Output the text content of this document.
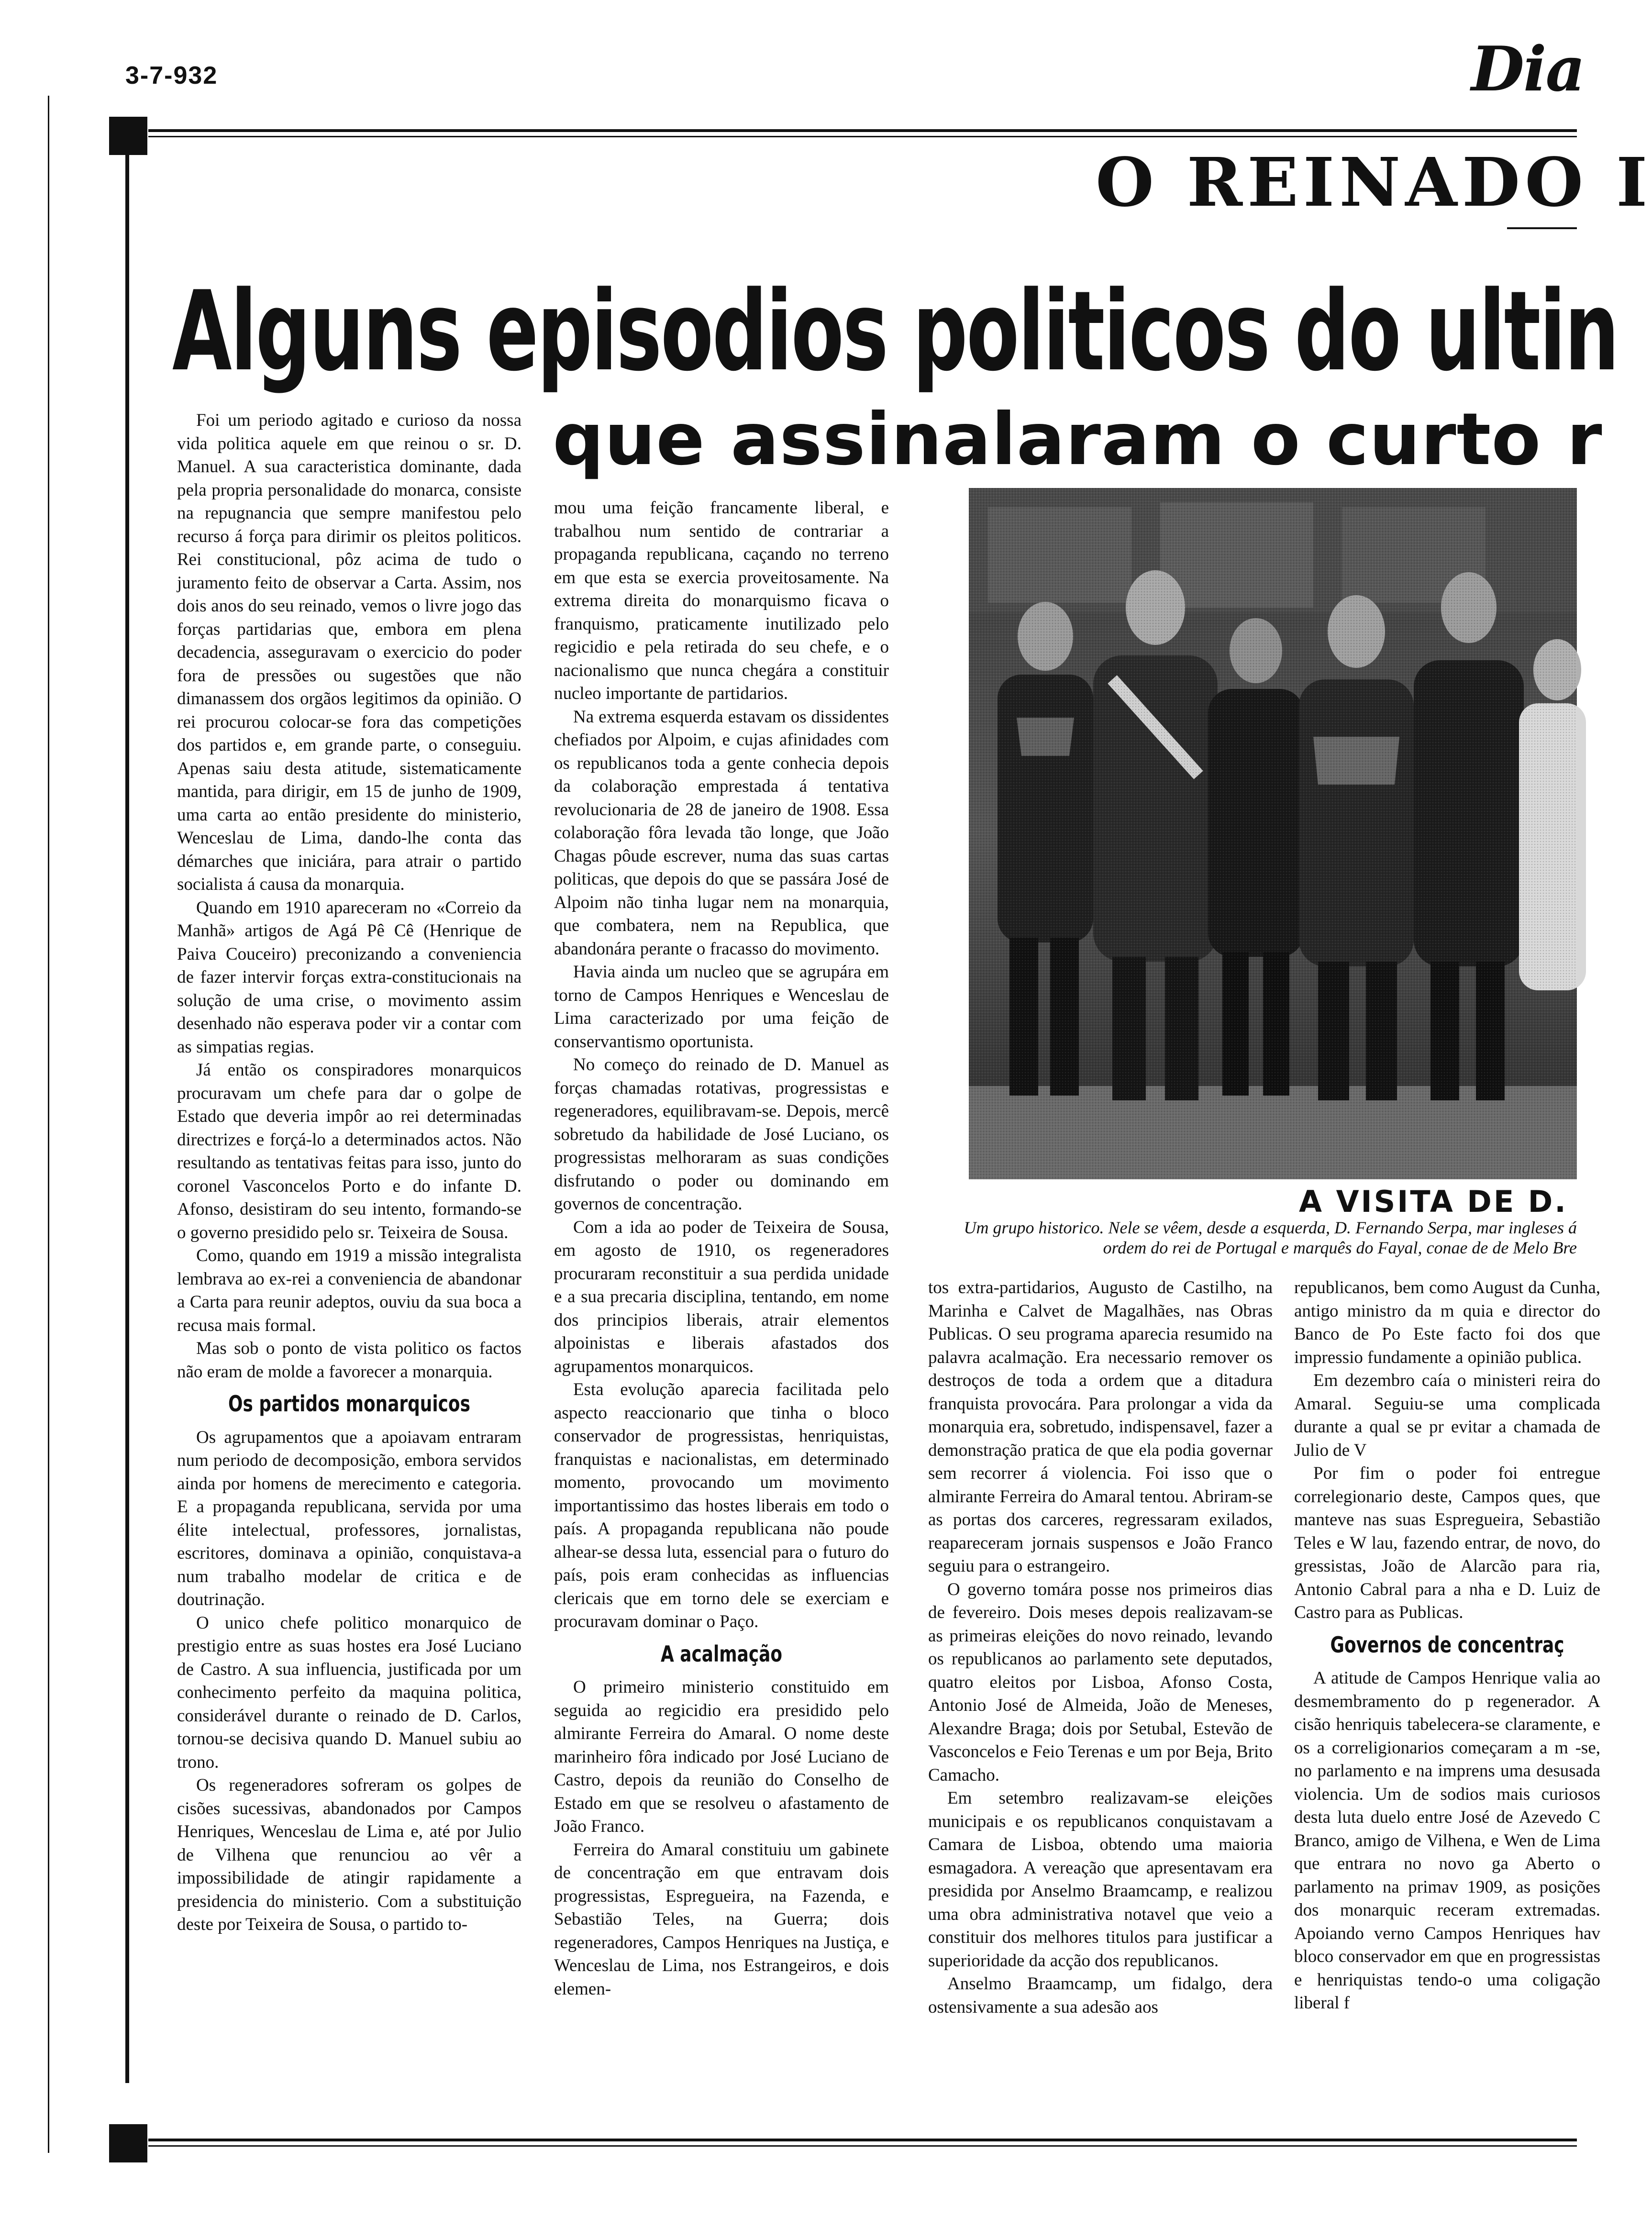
3-7-932	Dia
O REINADO I
Alguns episodios politicos do ultin
que assinalaram o curto r

Foi um periodo agitado e curioso da nossa vida politica aquele em que reinou o sr. D. Manuel. A sua caracteristica dominante, dada pela propria personalidade do monarca, consiste na repugnancia que sempre manifestou pelo recurso á força para dirimir os pleitos politicos. Rei constitucional, pôz acima de tudo o juramento feito de observar a Carta. Assim, nos dois anos do seu reinado, vemos o livre jogo das forças partidarias que, embora em plena decadencia, asseguravam o exercicio do poder fora de pressões ou sugestões que não dimanassem dos orgãos legitimos da opinião. O rei procurou colocar-se fora das competições dos partidos e, em grande parte, o conseguiu. Apenas saiu desta atitude, sistematicamente mantida, para dirigir, em 15 de junho de 1909, uma carta ao então presidente do ministerio, Wenceslau de Lima, dando-lhe conta das démarches que iniciára, para atrair o partido socialista á causa da monarquia.

Quando em 1910 apareceram no «Correio da Manhã» artigos de Agá Pê Cê (Henrique de Paiva Couceiro) preconizando a conveniencia de fazer intervir forças extra-constitucionais na solução de uma crise, o movimento assim desenhado não esperava poder vir a contar com as simpatias regias.

Já então os conspiradores monarquicos procuravam um chefe para dar o golpe de Estado que deveria impôr ao rei determinadas directrizes e forçá-lo a determinados actos. Não resultando as tentativas feitas para isso, junto do coronel Vasconcelos Porto e do infante D. Afonso, desistiram do seu intento, formando-se o governo presidido pelo sr. Teixeira de Sousa.

Como, quando em 1919 a missão integralista lembrava ao ex-rei a conveniencia de abandonar a Carta para reunir adeptos, ouviu da sua boca a recusa mais formal.

Mas sob o ponto de vista politico os factos não eram de molde a favorecer a monarquia.

Os partidos monarquicos

Os agrupamentos que a apoiavam entraram num periodo de decomposição, embora servidos ainda por homens de merecimento e categoria. E a propaganda republicana, servida por uma élite intelectual, professores, jornalistas, escritores, dominava a opinião, conquistava-a num trabalho modelar de critica e de doutrinação.

O unico chefe politico monarquico de prestigio entre as suas hostes era José Luciano de Castro. A sua influencia, justificada por um conhecimento perfeito da maquina politica, considerável durante o reinado de D. Carlos, tornou-se decisiva quando D. Manuel subiu ao trono.

Os regeneradores sofreram os golpes de cisões sucessivas, abandonados por Campos Henriques, Wenceslau de Lima e, até por Julio de Vilhena que renunciou ao vêr a impossibilidade de atingir rapidamente a presidencia do ministerio. Com a substituição deste por Teixeira de Sousa, o partido to-

mou uma feição francamente liberal, e trabalhou num sentido de contrariar a propaganda republicana, caçando no terreno em que esta se exercia proveitosamente. Na extrema direita do monarquismo ficava o franquismo, praticamente inutilizado pelo regicidio e pela retirada do seu chefe, e o nacionalismo que nunca chegára a constituir nucleo importante de partidarios.

Na extrema esquerda estavam os dissidentes chefiados por Alpoim, e cujas afinidades com os republicanos toda a gente conhecia depois da colaboração emprestada á tentativa revolucionaria de 28 de janeiro de 1908. Essa colaboração fôra levada tão longe, que João Chagas pôude escrever, numa das suas cartas politicas, que depois do que se passára José de Alpoim não tinha lugar nem na monarquia, que combatera, nem na Republica, que abandonára perante o fracasso do movimento.

Havia ainda um nucleo que se agrupára em torno de Campos Henriques e Wenceslau de Lima caracterizado por uma feição de conservantismo oportunista.

No começo do reinado de D. Manuel as forças chamadas rotativas, progressistas e regeneradores, equilibravam-se. Depois, mercê sobretudo da habilidade de José Luciano, os progressistas melhoraram as suas condições disfrutando o poder ou dominando em governos de concentração.

Com a ida ao poder de Teixeira de Sousa, em agosto de 1910, os regeneradores procuraram reconstituir a sua perdida unidade e a sua precaria disciplina, tentando, em nome dos principios liberais, atrair elementos alpoinistas e liberais afastados dos agrupamentos monarquicos.

Esta evolução aparecia facilitada pelo aspecto reaccionario que tinha o bloco conservador de progressistas, henriquistas, franquistas e nacionalistas, em determinado momento, provocando um movimento importantissimo das hostes liberais em todo o país. A propaganda republicana não poude alhear-se dessa luta, essencial para o futuro do país, pois eram conhecidas as influencias clericais que em torno dele se exerciam e procuravam dominar o Paço.

A acalmação

O primeiro ministerio constituido em seguida ao regicidio era presidido pelo almirante Ferreira do Amaral. O nome deste marinheiro fôra indicado por José Luciano de Castro, depois da reunião do Conselho de Estado em que se resolveu o afastamento de João Franco.

Ferreira do Amaral constituiu um gabinete de concentração em que entravam dois progressistas, Espregueira, na Fazenda, e Sebastião Teles, na Guerra; dois regeneradores, Campos Henriques na Justiça, e Wenceslau de Lima, nos Estrangeiros, e dois elemen-

A VISITA DE D.
Um grupo historico. Nele se vêem, desde a esquerda, D. Fernando Serpa, mar ingleses á ordem do rei de Portugal e marquês do Fayal, conae de de Melo Bre

tos extra-partidarios, Augusto de Castilho, na Marinha e Calvet de Magalhães, nas Obras Publicas. O seu programa aparecia resumido na palavra acalmação. Era necessario remover os destroços de toda a ordem que a ditadura franquista provocára. Para prolongar a vida da monarquia era, sobretudo, indispensavel, fazer a demonstração pratica de que ela podia governar sem recorrer á violencia. Foi isso que o almirante Ferreira do Amaral tentou. Abriram-se as portas dos carceres, regressaram exilados, reapareceram jornais suspensos e João Franco seguiu para o estrangeiro.

O governo tomára posse nos primeiros dias de fevereiro. Dois meses depois realizavam-se as primeiras eleições do novo reinado, levando os republicanos ao parlamento sete deputados, quatro eleitos por Lisboa, Afonso Costa, Antonio José de Almeida, João de Meneses, Alexandre Braga; dois por Setubal, Estevão de Vasconcelos e Feio Terenas e um por Beja, Brito Camacho.

Em setembro realizavam-se eleições municipais e os republicanos conquistavam a Camara de Lisboa, obtendo uma maioria esmagadora. A vereação que apresentavam era presidida por Anselmo Braamcamp, e realizou uma obra administrativa notavel que veio a constituir dos melhores titulos para justificar a superioridade da acção dos republicanos.

Anselmo Braamcamp, um fidalgo, dera ostensivamente a sua adesão aos

republicanos, bem como August da Cunha, antigo ministro da m quia e director do Banco de Po Este facto foi dos que impressio fundamente a opinião publica.

Em dezembro caía o ministeri reira do Amaral. Seguiu-se uma complicada durante a qual se pr evitar a chamada de Julio de V

Por fim o poder foi entregue correlegionario deste, Campos ques, que manteve nas suas Espregueira, Sebastião Teles e W lau, fazendo entrar, de novo, do gressistas, João de Alarcão para ria, Antonio Cabral para a nha e D. Luiz de Castro para as Publicas.

Governos de concentraç

A atitude de Campos Henrique valia ao desmembramento do p regenerador. A cisão henriquis tabelecera-se claramente, e os a correligionarios começaram a m -se, no parlamento e na imprens uma desusada violencia. Um de sodios mais curiosos desta luta duelo entre José de Azevedo C Branco, amigo de Vilhena, e Wen de Lima que entrara no novo ga Aberto o parlamento na primav 1909, as posições dos monarquic receram extremadas. Apoiando verno Campos Henriques hav bloco conservador em que en progressistas e henriquistas tendo-o uma coligação liberal f
